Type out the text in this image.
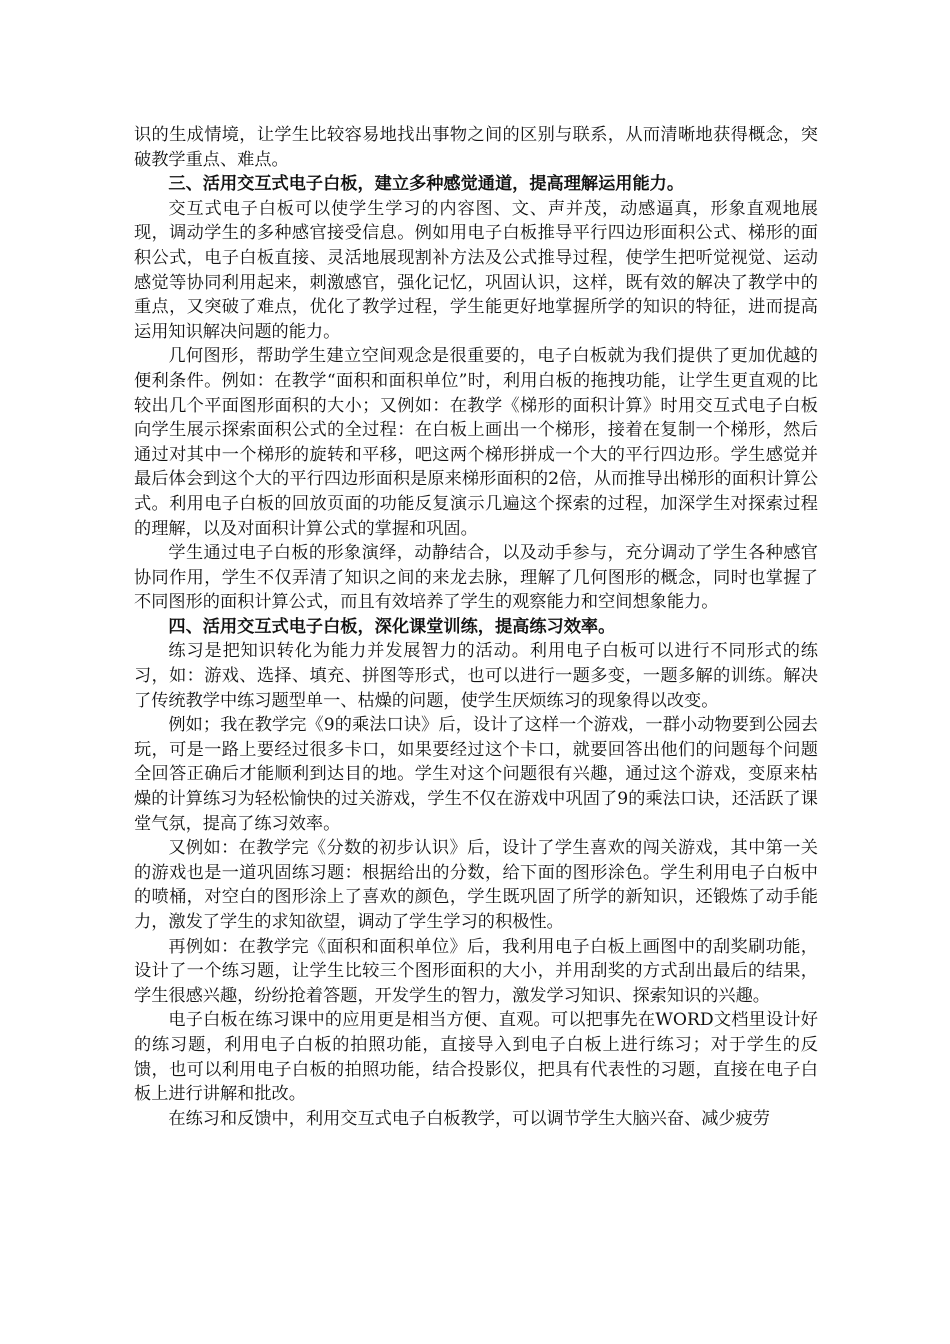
识的生成情境，让学生比较容易地找出事物之间的区别与联系，从而清晰地获得概念，突破教学重点、难点。

三、活用交互式电子白板，建立多种感觉通道，提高理解运用能力。

交互式电子白板可以使学生学习的内容图、文、声并茂，动感逼真，形象直观地展现，调动学生的多种感官接受信息。例如用电子白板推导平行四边形面积公式、梯形的面积公式，电子白板直接、灵活地展现割补方法及公式推导过程，使学生把听觉视觉、运动感觉等协同利用起来，刺激感官，强化记忆，巩固认识，这样，既有效的解决了教学中的重点，又突破了难点，优化了教学过程，学生能更好地掌握所学的知识的特征，进而提高运用知识解决问题的能力。

几何图形，帮助学生建立空间观念是很重要的，电子白板就为我们提供了更加优越的便利条件。例如：在教学“面积和面积单位”时，利用白板的拖拽功能，让学生更直观的比较出几个平面图形面积的大小；又例如：在教学《梯形的面积计算》时用交互式电子白板向学生展示探索面积公式的全过程：在白板上画出一个梯形，接着在复制一个梯形，然后通过对其中一个梯形的旋转和平移，吧这两个梯形拼成一个大的平行四边形。学生感觉并最后体会到这个大的平行四边形面积是原来梯形面积的2倍，从而推导出梯形的面积计算公式。利用电子白板的回放页面的功能反复演示几遍这个探索的过程，加深学生对探索过程的理解，以及对面积计算公式的掌握和巩固。

学生通过电子白板的形象演绎，动静结合，以及动手参与，充分调动了学生各种感官协同作用，学生不仅弄清了知识之间的来龙去脉，理解了几何图形的概念，同时也掌握了不同图形的面积计算公式，而且有效培养了学生的观察能力和空间想象能力。

四、活用交互式电子白板，深化课堂训练，提高练习效率。

练习是把知识转化为能力并发展智力的活动。利用电子白板可以进行不同形式的练习，如：游戏、选择、填充、拼图等形式，也可以进行一题多变，一题多解的训练。解决了传统教学中练习题型单一、枯燥的问题，使学生厌烦练习的现象得以改变。

例如；我在教学完《9的乘法口诀》后，设计了这样一个游戏，一群小动物要到公园去玩，可是一路上要经过很多卡口，如果要经过这个卡口，就要回答出他们的问题每个问题全回答正确后才能顺利到达目的地。学生对这个问题很有兴趣，通过这个游戏，变原来枯燥的计算练习为轻松愉快的过关游戏，学生不仅在游戏中巩固了9的乘法口诀，还活跃了课堂气氛，提高了练习效率。

又例如：在教学完《分数的初步认识》后，设计了学生喜欢的闯关游戏，其中第一关的游戏也是一道巩固练习题：根据给出的分数，给下面的图形涂色。学生利用电子白板中的喷桶，对空白的图形涂上了喜欢的颜色，学生既巩固了所学的新知识，还锻炼了动手能力，激发了学生的求知欲望，调动了学生学习的积极性。

再例如：在教学完《面积和面积单位》后，我利用电子白板上画图中的刮奖刷功能，设计了一个练习题，让学生比较三个图形面积的大小，并用刮奖的方式刮出最后的结果，学生很感兴趣，纷纷抢着答题，开发学生的智力，激发学习知识、探索知识的兴趣。

电子白板在练习课中的应用更是相当方便、直观。可以把事先在WORD文档里设计好的练习题，利用电子白板的拍照功能，直接导入到电子白板上进行练习；对于学生的反馈，也可以利用电子白板的拍照功能，结合投影仪，把具有代表性的习题，直接在电子白板上进行讲解和批改。

在练习和反馈中，利用交互式电子白板教学，可以调节学生大脑兴奋、减少疲劳
